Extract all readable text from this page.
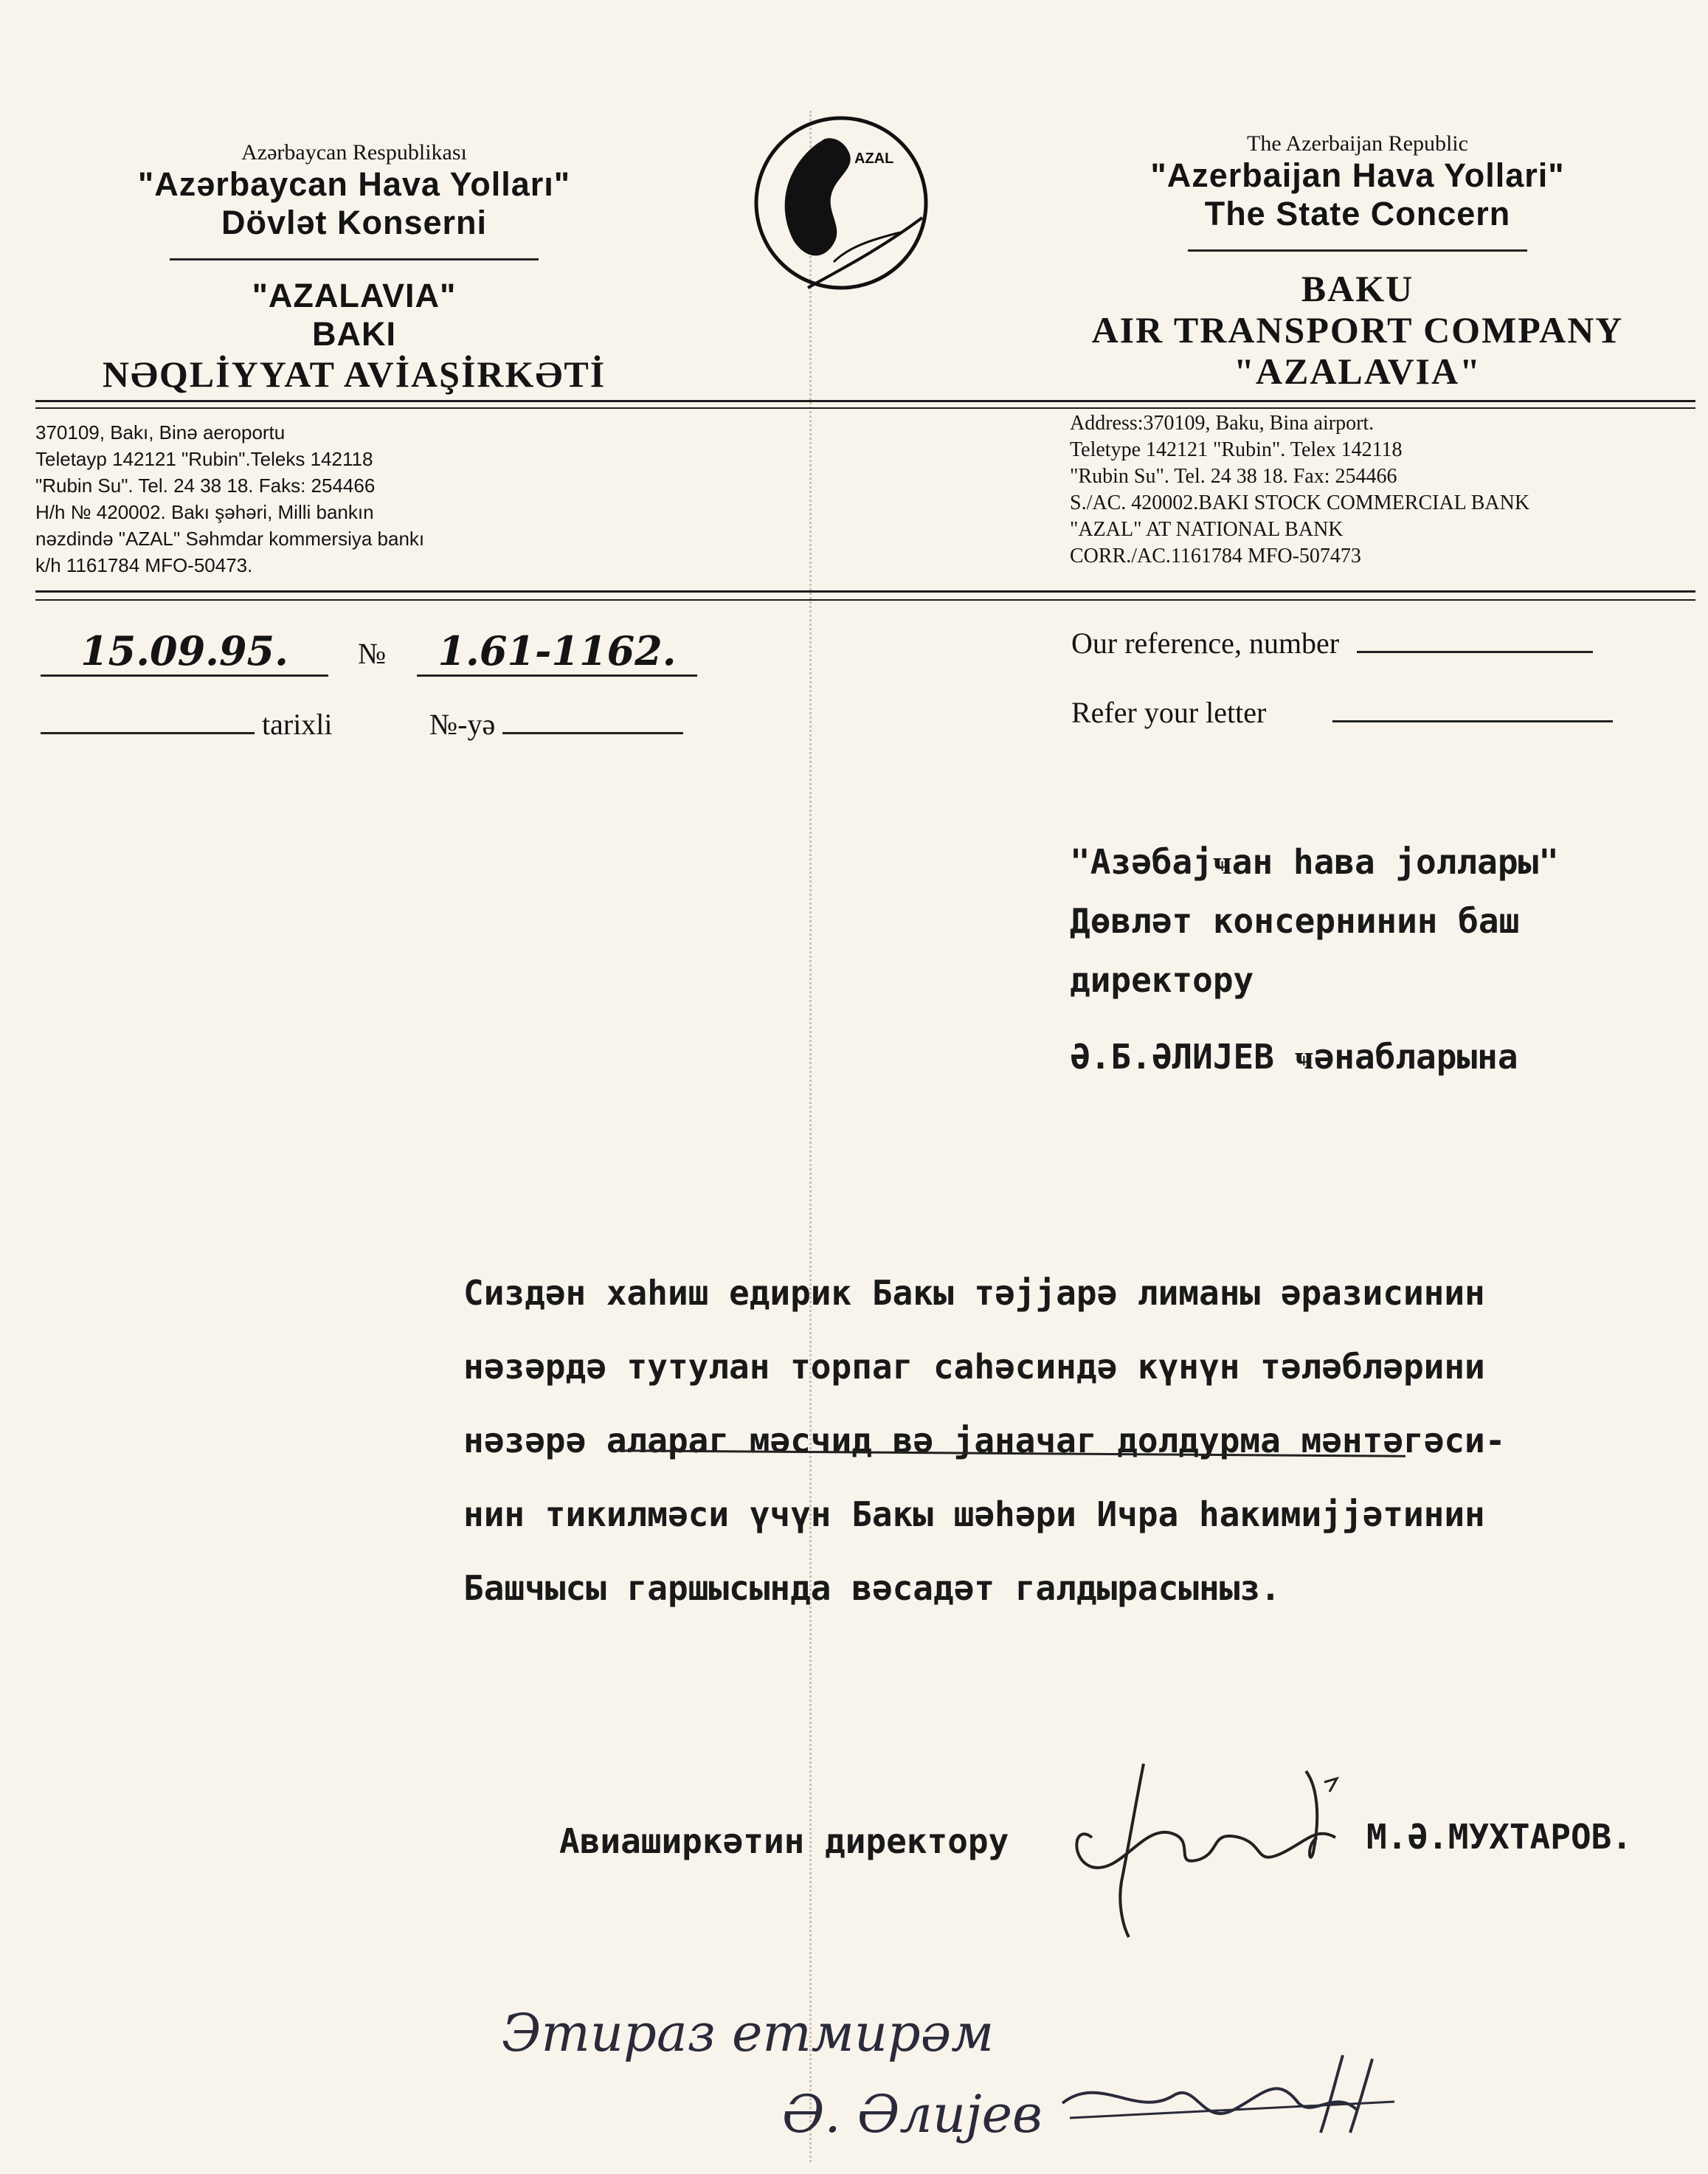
Azərbaycan Respublikası
"Azərbaycan Hava Yolları"
Dövlət Konserni
"AZALAVIA"
BAKI
NƏQLİYYAT AVİAŞİRKƏTİ
AZAL
The Azerbaijan Republic
"Azerbaijan Hava Yollari"
The State Concern
BAKU
AIR TRANSPORT COMPANY
"AZALAVIA"
370109, Bakı, Binə aeroportu
Teletayp 142121 "Rubin".Teleks 142118
"Rubin Su". Tel. 24 38 18. Faks: 254466
H/h № 420002. Bakı şəhəri, Milli bankın
nəzdində "AZAL" Səhmdar kommersiya bankı
k/h 1161784 MFO-50473.
Address:370109, Baku, Bina airport.
Teletype 142121 "Rubin". Telex 142118
"Rubin Su". Tel. 24 38 18. Fax: 254466
S./AC. 420002.BAKI STOCK COMMERCIAL BANK
"AZAL" AT NATIONAL BANK
CORR./AC.1161784 MFO-507473
15.09.95.	№	1.61-1162.
tarixli	№-yə
Our reference, number
Refer your letter
"Азәбајҹан һава јоллары"
Дөвләт консернинин баш
директору
Ә.Б.ӘЛИЈЕВ ҹәнабларына
Сиздән хаһиш едирик Бакы тәјјарә лиманы әразисинин
нәзәрдә тутулан торпаг саһәсиндә күнүн тәләбләрини
нәзәрә алараг мәсчид вә јаначаг долдурма мәнтәгәси-
нин тикилмәси үчүн Бакы шәһәри Ичра һакимијјәтинин
Башчысы гаршысында вәсадәт галдырасыныз.
Авиаширкәтин директору	М.Ә.МУХТАРОВ.
Этираз етмирәм
Ә. Әлијев
